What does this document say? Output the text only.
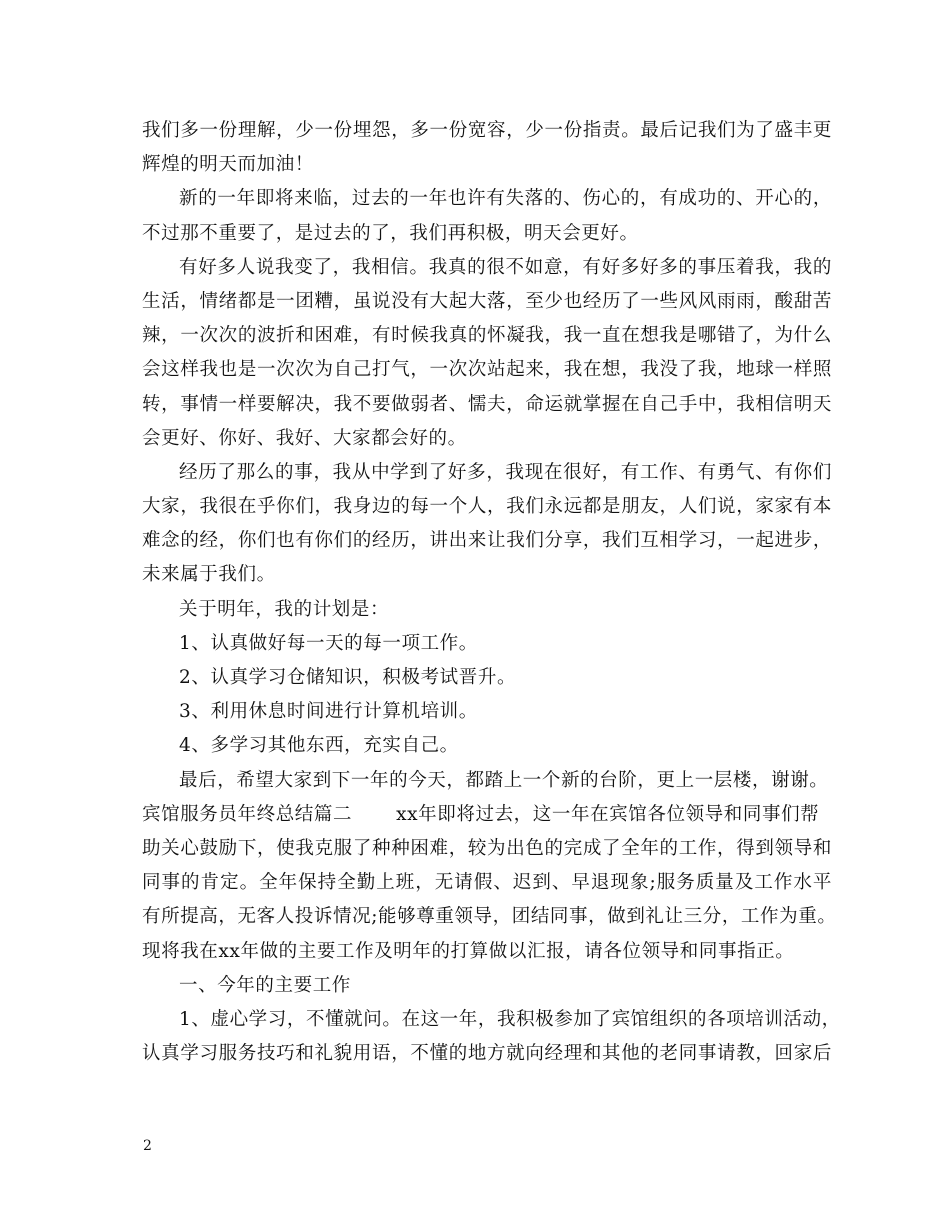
我们多一份理解，少一份埋怨，多一份宽容，少一份指责。最后记我们为了盛丰更
辉煌的明天而加油！
新的一年即将来临，过去的一年也许有失落的、伤心的，有成功的、开心的，
不过那不重要了，是过去的了，我们再积极，明天会更好。
有好多人说我变了，我相信。我真的很不如意，有好多好多的事压着我，我的
生活，情绪都是一团糟，虽说没有大起大落，至少也经历了一些风风雨雨，酸甜苦
辣，一次次的波折和困难，有时候我真的怀凝我，我一直在想我是哪错了，为什么
会这样我也是一次次为自己打气，一次次站起来，我在想，我没了我，地球一样照
转，事情一样要解决，我不要做弱者、懦夫，命运就掌握在自己手中，我相信明天
会更好、你好、我好、大家都会好的。
经历了那么的事，我从中学到了好多，我现在很好，有工作、有勇气、有你们
大家，我很在乎你们，我身边的每一个人，我们永远都是朋友，人们说，家家有本
难念的经，你们也有你们的经历，讲出来让我们分享，我们互相学习，一起进步，
未来属于我们。
关于明年，我的计划是：
1、认真做好每一天的每一项工作。
2、认真学习仓储知识，积极考试晋升。
3、利用休息时间进行计算机培训。
4、多学习其他东西，充实自己。
最后，希望大家到下一年的今天，都踏上一个新的台阶，更上一层楼，谢谢。
宾馆服务员年终总结篇二 xx年即将过去，这一年在宾馆各位领导和同事们帮
助关心鼓励下，使我克服了种种困难，较为出色的完成了全年的工作，得到领导和
同事的肯定。全年保持全勤上班，无请假、迟到、早退现象;服务质量及工作水平
有所提高，无客人投诉情况;能够尊重领导，团结同事，做到礼让三分，工作为重。
现将我在xx年做的主要工作及明年的打算做以汇报，请各位领导和同事指正。
一、今年的主要工作
1、虚心学习，不懂就问。在这一年，我积极参加了宾馆组织的各项培训活动，
认真学习服务技巧和礼貌用语，不懂的地方就向经理和其他的老同事请教，回家后
2
